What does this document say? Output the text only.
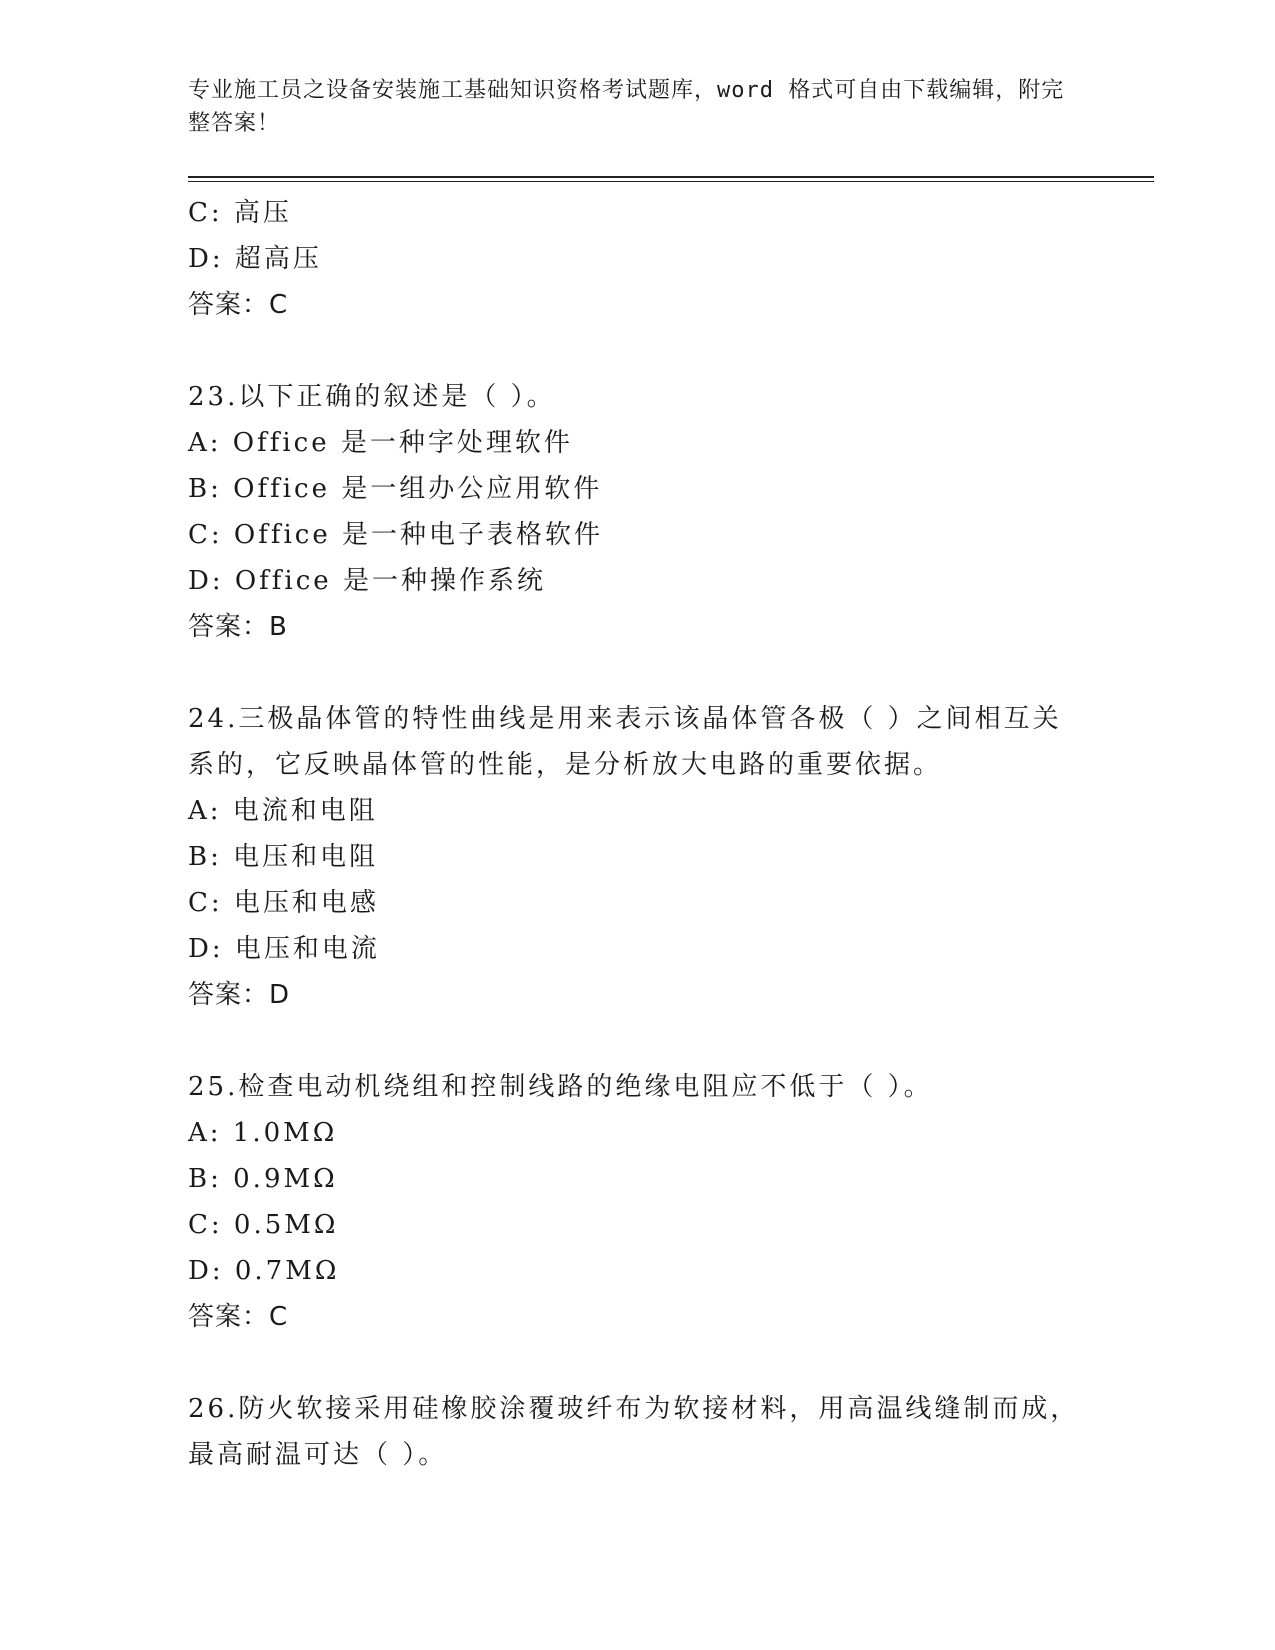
专业施工员之设备安装施工基础知识资格考试题库，word 格式可自由下载编辑，附完整答案！
C: 高压
D: 超高压
答案：C
23.以下正确的叙述是（ ）。
A: Office 是一种字处理软件
B: Office 是一组办公应用软件
C: Office 是一种电子表格软件
D: Office 是一种操作系统
答案：B
24.三极晶体管的特性曲线是用来表示该晶体管各极（ ）之间相互关
系的，它反映晶体管的性能，是分析放大电路的重要依据。
A: 电流和电阻
B: 电压和电阻
C: 电压和电感
D: 电压和电流
答案：D
25.检查电动机绕组和控制线路的绝缘电阻应不低于（ ）。
A: 1.0MΩ
B: 0.9MΩ
C: 0.5MΩ
D: 0.7MΩ
答案：C
26.防火软接采用硅橡胶涂覆玻纤布为软接材料，用高温线缝制而成，
最高耐温可达（ ）。
